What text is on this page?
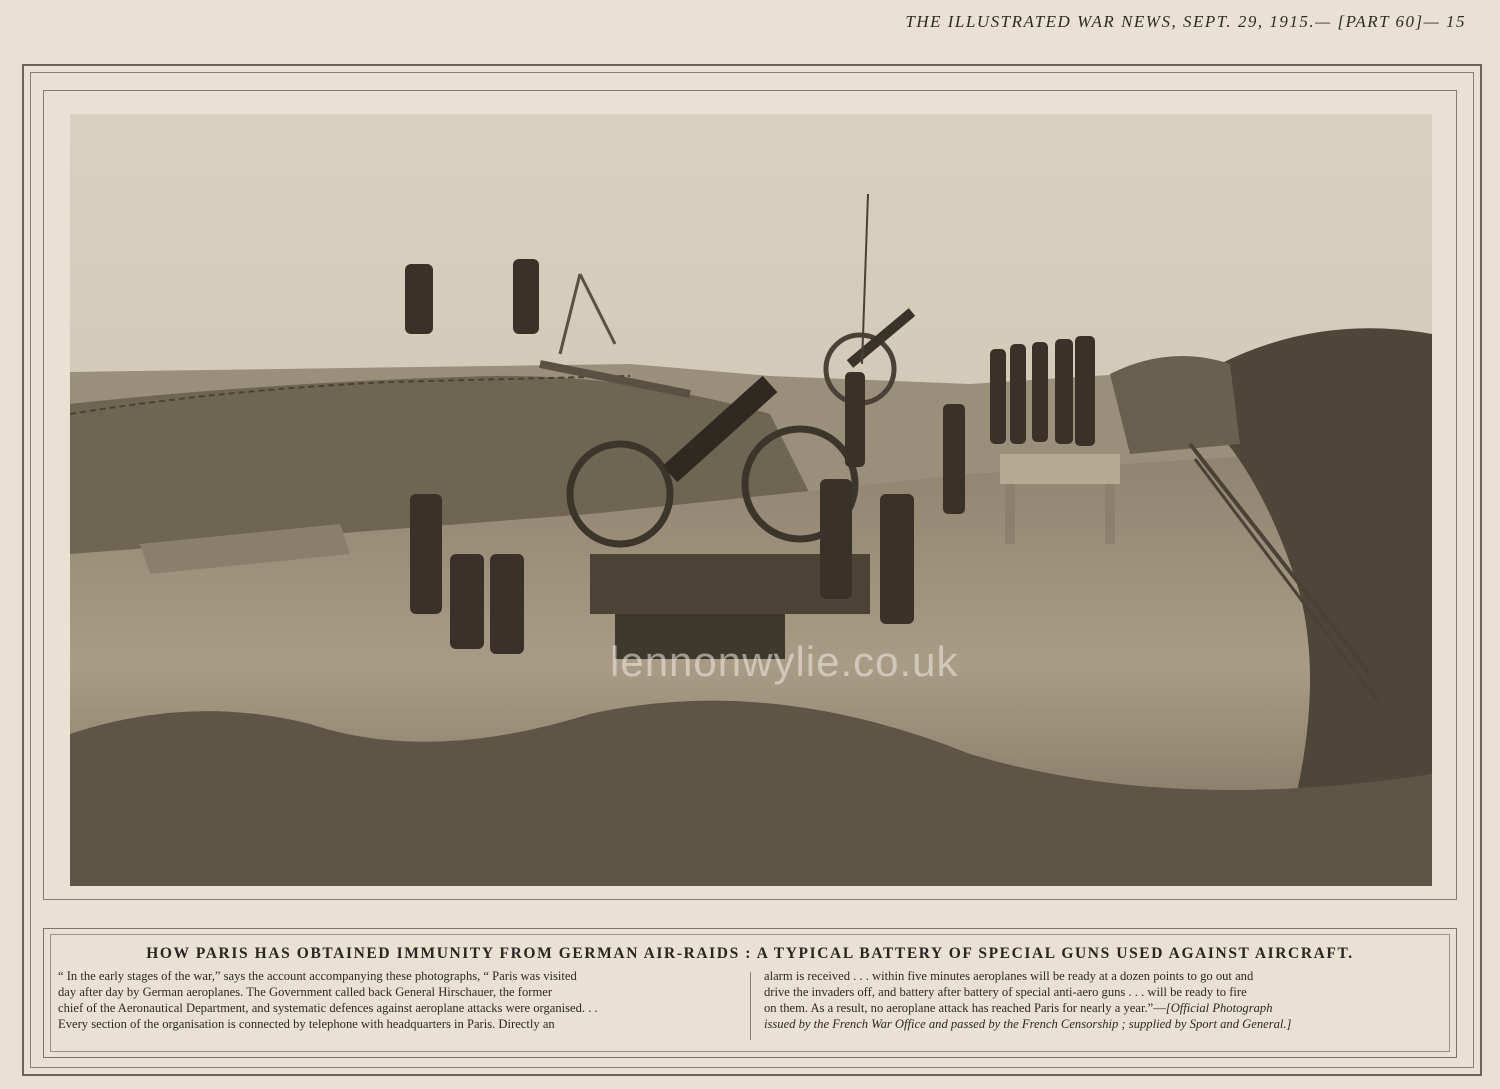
THE ILLUSTRATED WAR NEWS, SEPT. 29, 1915.— [PART 60]— 15
lennonwylie.co.uk
HOW PARIS HAS OBTAINED IMMUNITY FROM GERMAN AIR-RAIDS : A TYPICAL BATTERY OF SPECIAL GUNS USED AGAINST AIRCRAFT.
“ In the early stages of the war,” says the account accompanying these photographs, “ Paris was visited
day after day by German aeroplanes. The Government called back General Hirschauer, the former
chief of the Aeronautical Department, and systematic defences against aeroplane attacks were organised. . .
Every section of the organisation is connected by telephone with headquarters in Paris. Directly an
alarm is received . . . within five minutes aeroplanes will be ready at a dozen points to go out and
drive the invaders off, and battery after battery of special anti-aero guns . . . will be ready to fire
on them. As a result, no aeroplane attack has reached Paris for nearly a year.”—[Official Photograph
issued by the French War Office and passed by the French Censorship ; supplied by Sport and General.]
